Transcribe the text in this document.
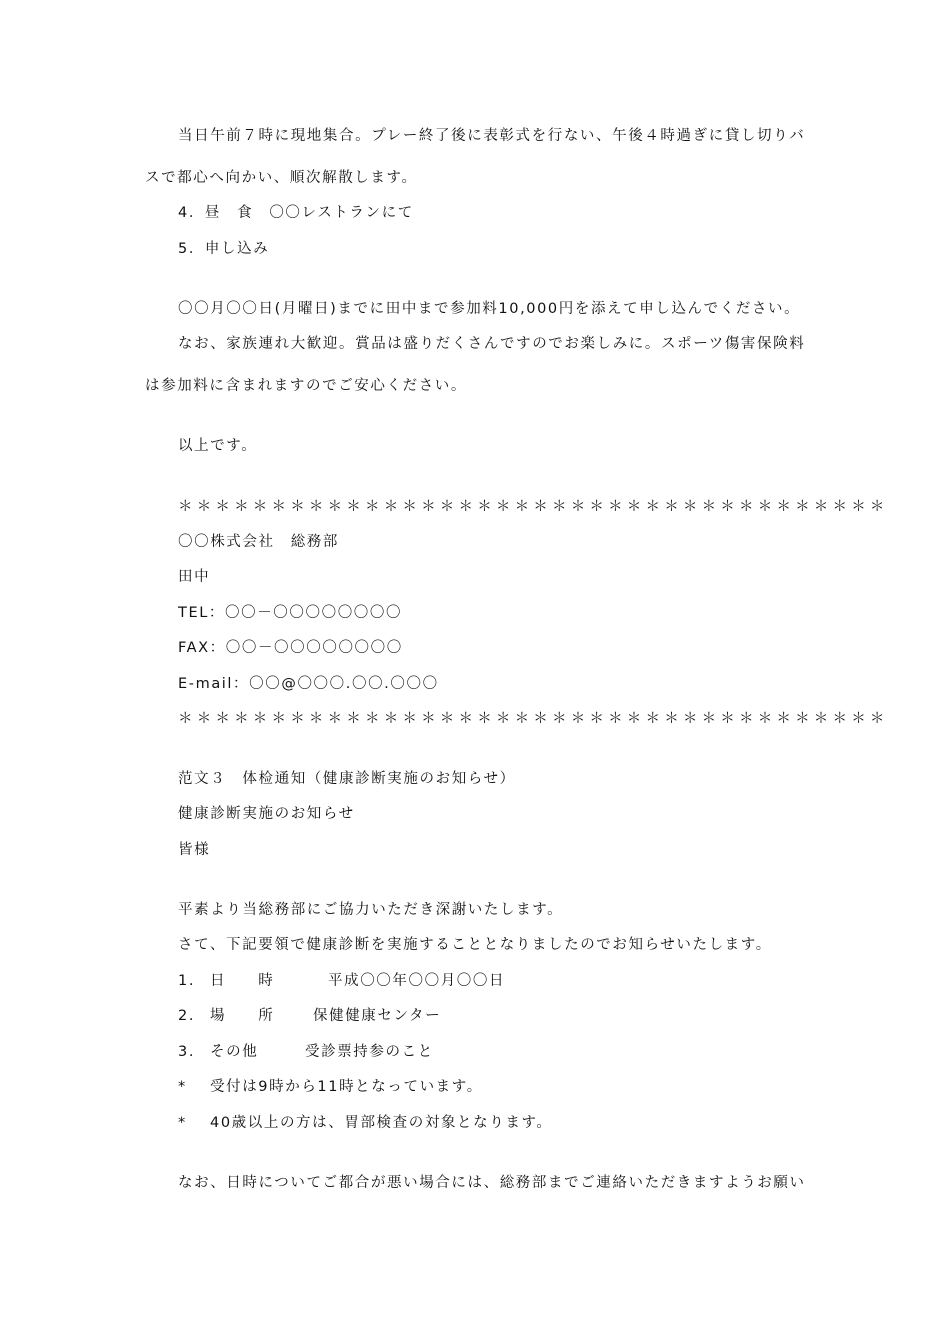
当日午前７時に現地集合。プレー終了後に表彰式を行ない、午後４時過ぎに貸し切りバ
スで都心へ向かい、順次解散します。
4．昼　食　〇〇レストランにて
5．申し込み
〇〇月〇〇日(月曜日)までに田中まで参加料10,000円を添えて申し込んでください。
なお、家族連れ大歓迎。賞品は盛りだくさんですのでお楽しみに。スポーツ傷害保険料
は参加料に含まれますのでご安心ください。
以上です。
＊＊＊＊＊＊＊＊＊＊＊＊＊＊＊＊＊＊＊＊＊＊＊＊＊＊＊＊＊＊＊＊＊＊＊＊＊＊
〇〇株式会社　総務部
田中
TEL：〇〇－〇〇〇〇〇〇〇〇
FAX：〇〇－〇〇〇〇〇〇〇〇
E-mail：〇〇@〇〇〇.〇〇.〇〇〇
＊＊＊＊＊＊＊＊＊＊＊＊＊＊＊＊＊＊＊＊＊＊＊＊＊＊＊＊＊＊＊＊＊＊＊＊＊＊
范文３　体检通知（健康診断実施のお知らせ）
健康診断実施のお知らせ
皆様
平素より当総務部にご協力いただき深謝いたします。
さて、下記要領で健康診断を実施することとなりましたのでお知らせいたします。
1. 日　　時	平成〇〇年〇〇月〇〇日
2. 場　　所	保健健康センター
3. その他	受診票持参のこと
* 受付は9時から11時となっています。
* 40歳以上の方は、胃部検査の対象となります。
なお、日時についてご都合が悪い場合には、総務部までご連絡いただきますようお願い
